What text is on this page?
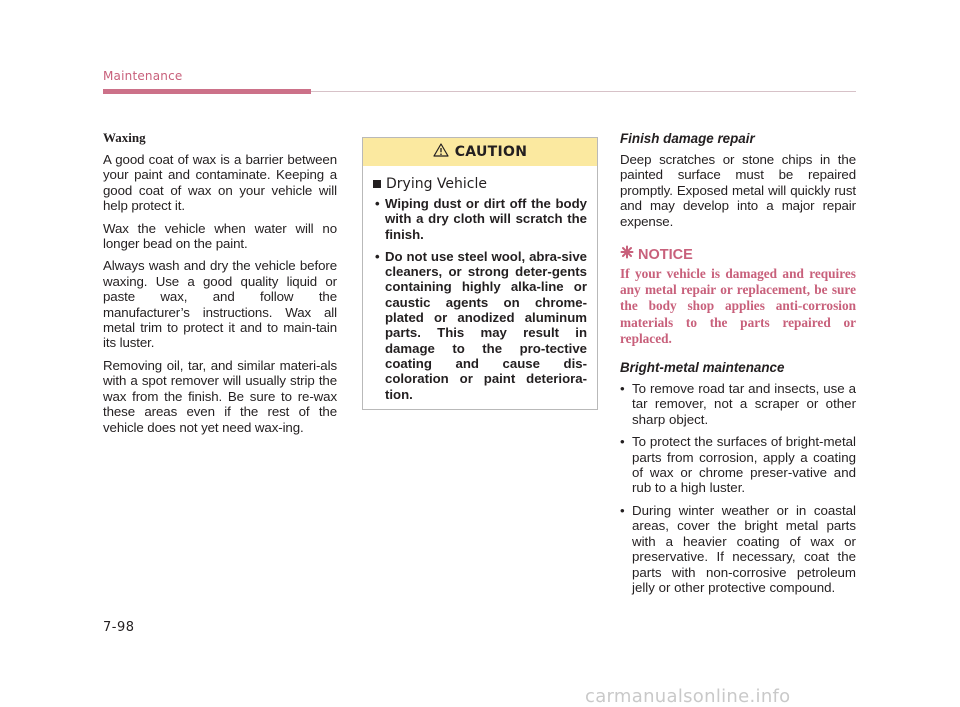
Maintenance
Waxing

A good coat of wax is a barrier between your paint and contaminate. Keeping a good coat of wax on your vehicle will help protect it.

Wax the vehicle when water will no longer bead on the paint.

Always wash and dry the vehicle before waxing. Use a good quality liquid or paste wax, and follow the manufacturer’s instructions. Wax all metal trim to protect it and to main-tain its luster.

Removing oil, tar, and similar materi-als with a spot remover will usually strip the wax from the finish. Be sure to re-wax these areas even if the rest of the vehicle does not yet need wax-ing.

CAUTION
Drying Vehicle
• Wiping dust or dirt off the body with a dry cloth will scratch the finish.
• Do not use steel wool, abra-sive cleaners, or strong deter-gents containing highly alka-line or caustic agents on chrome-plated or anodized aluminum parts. This may result in damage to the pro-tective coating and cause dis-coloration or paint deteriora-tion.
Finish damage repair

Deep scratches or stone chips in the painted surface must be repaired promptly. Exposed metal will quickly rust and may develop into a major repair expense.

NOTICE

If your vehicle is damaged and requires any metal repair or replacement, be sure the body shop applies anti-corrosion materials to the parts repaired or replaced.

Bright-metal maintenance
• To remove road tar and insects, use a tar remover, not a scraper or other sharp object.
• To protect the surfaces of bright-metal parts from corrosion, apply a coating of wax or chrome preser-vative and rub to a high luster.
• During winter weather or in coastal areas, cover the bright metal parts with a heavier coating of wax or preservative. If necessary, coat the parts with non-corrosive petroleum jelly or other protective compound.
7-98
carmanualsonline.info
